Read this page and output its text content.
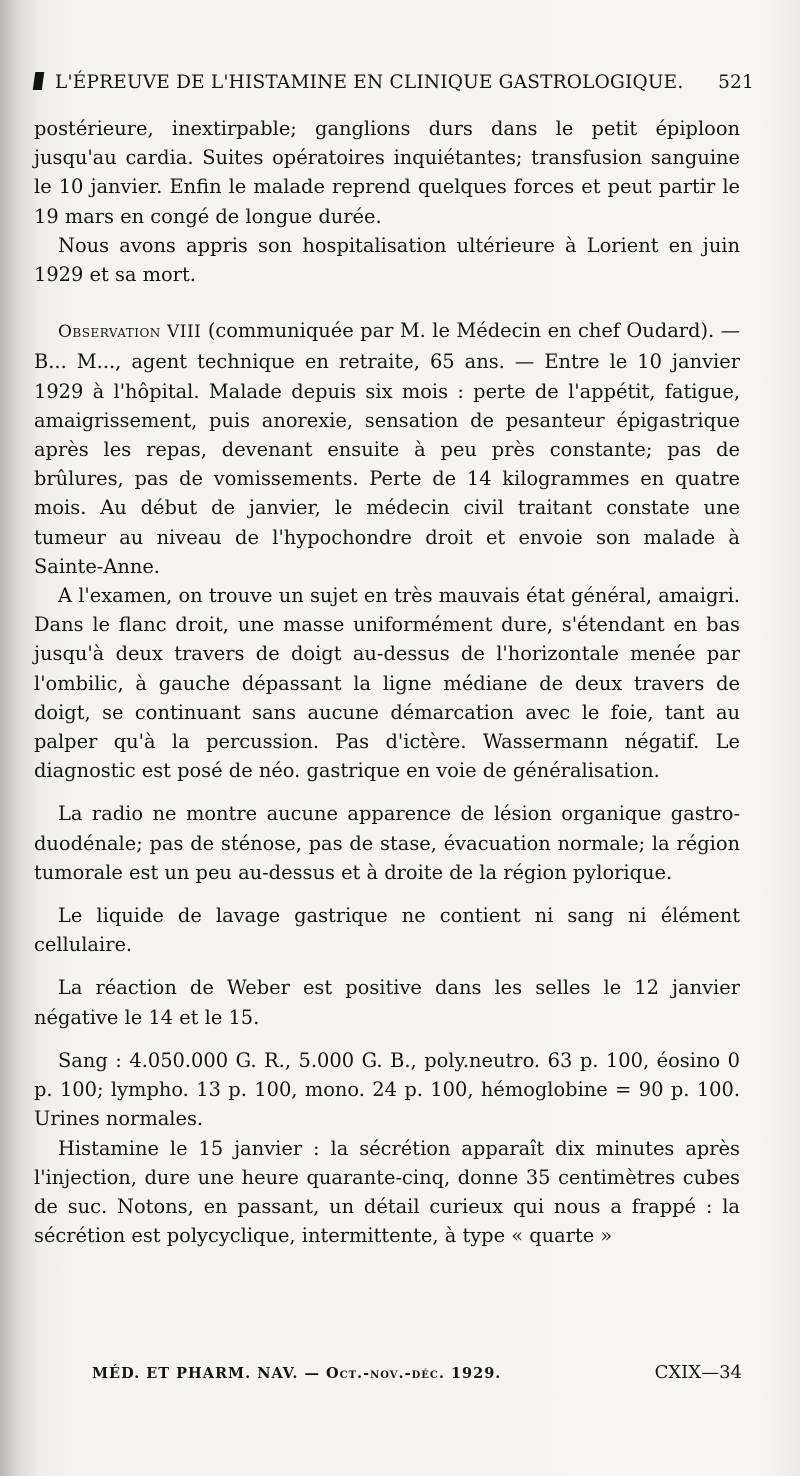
L'ÉPREUVE DE L'HISTAMINE EN CLINIQUE GASTROLOGIQUE. 521

postérieure, inextirpable; ganglions durs dans le petit épiploon jusqu'au cardia. Suites opératoires inquiétantes; transfusion sanguine le 10 janvier. Enfin le malade reprend quelques forces et peut partir le 19 mars en congé de longue durée.

Nous avons appris son hospitalisation ultérieure à Lorient en juin 1929 et sa mort.

Observation VIII (communiquée par M. le Médecin en chef Oudard). — B... M..., agent technique en retraite, 65 ans. — Entre le 10 janvier 1929 à l'hôpital. Malade depuis six mois : perte de l'appétit, fatigue, amaigrissement, puis anorexie, sensation de pesanteur épigastrique après les repas, devenant ensuite à peu près constante; pas de brûlures, pas de vomissements. Perte de 14 kilogrammes en quatre mois. Au début de janvier, le médecin civil traitant constate une tumeur au niveau de l'hypochondre droit et envoie son malade à Sainte-Anne.

A l'examen, on trouve un sujet en très mauvais état général, amaigri. Dans le flanc droit, une masse uniformément dure, s'étendant en bas jusqu'à deux travers de doigt au-dessus de l'horizontale menée par l'ombilic, à gauche dépassant la ligne médiane de deux travers de doigt, se continuant sans aucune démarcation avec le foie, tant au palper qu'à la percussion. Pas d'ictère. Wassermann négatif. Le diagnostic est posé de néo. gastrique en voie de généralisation.

La radio ne montre aucune apparence de lésion organique gastro-duodénale; pas de sténose, pas de stase, évacuation normale; la région tumorale est un peu au-dessus et à droite de la région pylorique.

Le liquide de lavage gastrique ne contient ni sang ni élément cellulaire.

La réaction de Weber est positive dans les selles le 12 janvier négative le 14 et le 15.

Sang : 4.050.000 G. R., 5.000 G. B., poly.neutro. 63 p. 100, éosino 0 p. 100; lympho. 13 p. 100, mono. 24 p. 100, hémoglobine = 90 p. 100. Urines normales.

Histamine le 15 janvier : la sécrétion apparaît dix minutes après l'injection, dure une heure quarante-cinq, donne 35 centimètres cubes de suc. Notons, en passant, un détail curieux qui nous a frappé : la sécrétion est polycyclique, intermittente, à type « quarte »

MÉD. ET PHARM. NAV. — Oct.-nov.-déc. 1929.	CXIX—34
